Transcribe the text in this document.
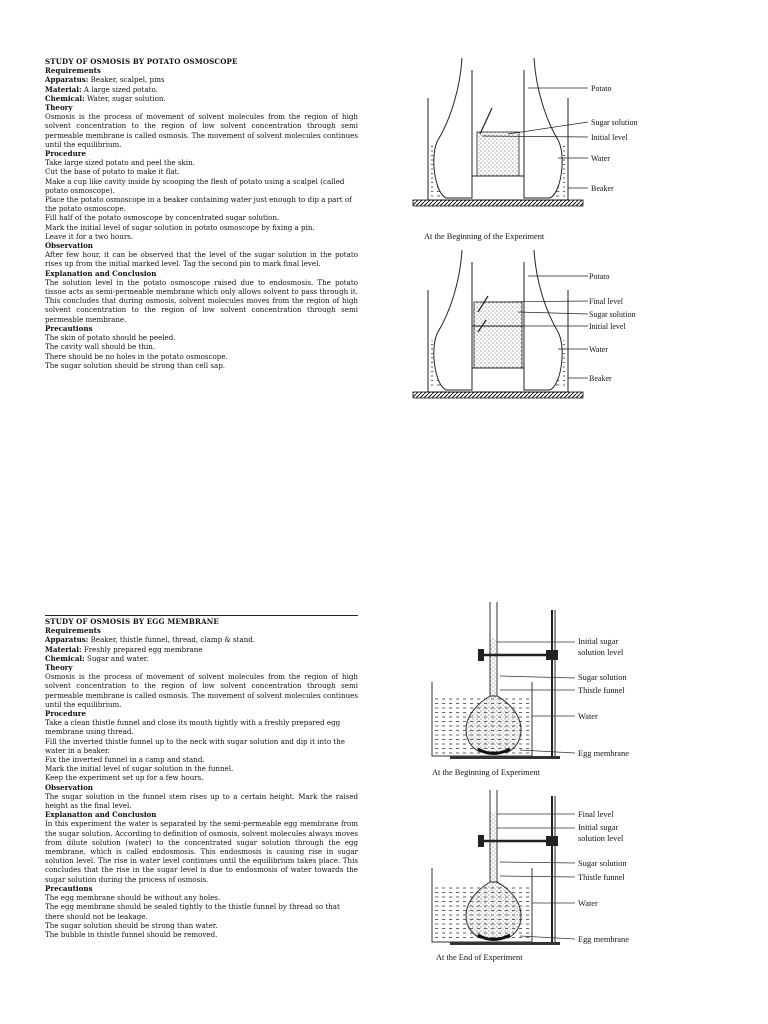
STUDY OF OSMOSIS BY POTATO OSMOSCOPE

Requirements

Apparatus: Beaker, scalpel, pins

Material: A large sized potato.

Chemical: Water, sugar solution.

Theory

Osmosis is the process of movement of solvent molecules from the region of high solvent concentration to the region of low solvent concentration through semi permeable membrane is called osmosis. The movement of solvent molecules continues until the equilibrium.

Procedure

Take large sized potato and peel the skin.

Cut the base of potato to make it flat.

Make a cup like cavity inside by scooping the flesh of potato using a scalpel (called potato osmoscope).

Place the potato osmoscope in a beaker containing water just enough to dip a part of the potato osmoscope.

Fill half of the potato osmoscope by concentrated sugar solution.

Mark the initial level of sugar solution in potato osmoscope by fixing a pin.

Leave it for a two hours.

Observation

After few hour, it can be observed that the level of the sugar solution in the potato rises up from the initial marked level. Tag the second pin to mark final level.

Explanation and Conclusion

The solution level in the potato osmoscope raised due to endosmosis. The potato tissue acts as semi-permeable membrane which only allows solvent to pass through it. This concludes that during osmosis, solvent molecules moves from the region of high solvent concentration to the region of low solvent concentration through semi permeable membrane.

Precautions

The skin of potato should be peeled.

The cavity wall should be thin.

There should be no holes in the potato osmoscope.

The sugar solution should be strong than cell sap.

STUDY OF OSMOSIS BY EGG MEMBRANE

Requirements

Apparatus: Beaker, thistle funnel, thread, clamp & stand.

Material: Freshly prepared egg membrane

Chemical: Sugar and water.

Theory

Osmosis is the process of movement of solvent molecules from the region of high solvent concentration to the region of low solvent concentration through semi permeable membrane is called osmosis. The movement of solvent molecules continues until the equilibrium.

Procedure

Take a clean thistle funnel and close its mouth tightly with a freshly prepared egg membrane using thread.

Fill the inverted thistle funnel up to the neck with sugar solution and dip it into the water in a beaker.

Fix the inverted funnel in a camp and stand.

Mark the initial level of sugar solution in the funnel.

Keep the experiment set up for a few hours.

Observation

The sugar solution in the funnel stem rises up to a certain height. Mark the raised height as the final level.

Explanation and Conclusion

In this experiment the water is separated by the semi-permeable egg membrane from the sugar solution. According to definition of osmosis, solvent molecules always moves from dilute solution (water) to the concentrated sugar solution through the egg membrane, which is called endosmosis. This endosmosis is causing rise in sugar solution level. The rise in water level continues until the equilibrium takes place. This concludes that the rise in the sugar level is due to endosmosis of water towards the sugar solution during the process of osmosis.

Precautions

The egg membrane should be without any holes.

The egg membrane should be sealed tightly to the thistle funnel by thread so that there should not be leakage.

The sugar solution should be strong than water.

The bubble in thistle funnel should be removed.

Potato
Sugar solution
Initial level
Water
Beaker
At the Beginning of the Experiment
Potato
Final level
Sugar solution
Initial level
Water
Beaker
Initial sugar
solution level
Sugar solution
Thistle funnel
Water
Egg membrane
At the Beginning of Experiment
Final level
Initial sugar
solution level
Sugar solution
Thistle funnel
Water
Egg membrane
At the End of Experiment
